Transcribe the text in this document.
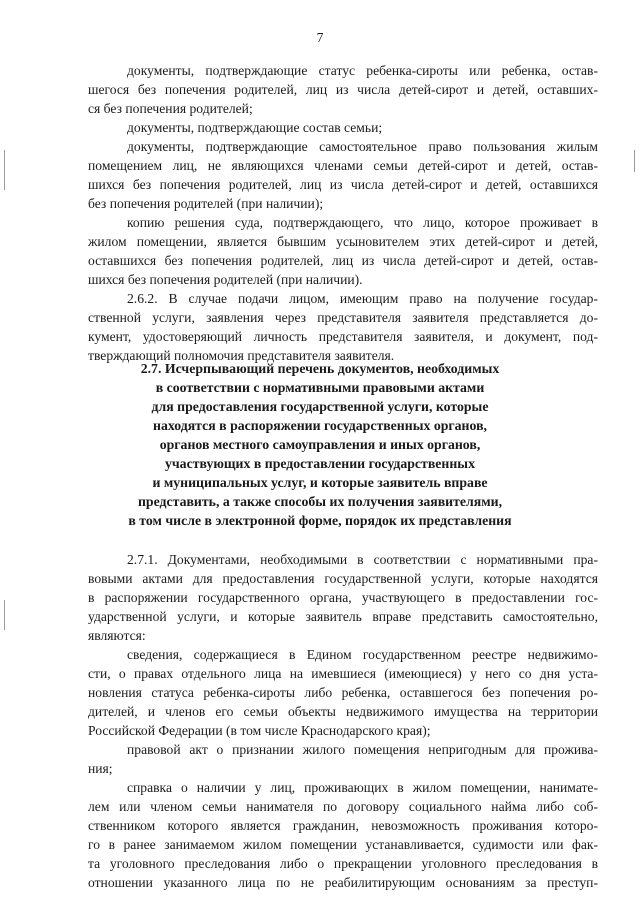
7
документы, подтверждающие статус ребенка-сироты или ребенка, остав-
шегося без попечения родителей, лиц из числа детей-сирот и детей, оставших-
ся без попечения родителей;
документы, подтверждающие состав семьи;
документы, подтверждающие самостоятельное право пользования жилым
помещением лиц, не являющихся членами семьи детей-сирот и детей, остав-
шихся без попечения родителей, лиц из числа детей-сирот и детей, оставшихся
без попечения родителей (при наличии);
копию решения суда, подтверждающего, что лицо, которое проживает в
жилом помещении, является бывшим усыновителем этих детей-сирот и детей,
оставшихся без попечения родителей, лиц из числа детей-сирот и детей, остав-
шихся без попечения родителей (при наличии).
2.6.2. В случае подачи лицом, имеющим право на получение государ-
ственной услуги, заявления через представителя заявителя представляется до-
кумент, удостоверяющий личность представителя заявителя, и документ, под-
тверждающий полномочия представителя заявителя.
2.7. Исчерпывающий перечень документов, необходимых
в соответствии с нормативными правовыми актами
для предоставления государственной услуги, которые
находятся в распоряжении государственных органов,
органов местного самоуправления и иных органов,
участвующих в предоставлении государственных
и муниципальных услуг, и которые заявитель вправе
представить, а также способы их получения заявителями,
в том числе в электронной форме, порядок их представления
2.7.1. Документами, необходимыми в соответствии с нормативными пра-
вовыми актами для предоставления государственной услуги, которые находятся
в распоряжении государственного органа, участвующего в предоставлении гос-
ударственной услуги, и которые заявитель вправе представить самостоятельно,
являются:
сведения, содержащиеся в Едином государственном реестре недвижимо-
сти, о правах отдельного лица на имевшиеся (имеющиеся) у него со дня уста-
новления статуса ребенка-сироты либо ребенка, оставшегося без попечения ро-
дителей, и членов его семьи объекты недвижимого имущества на территории
Российской Федерации (в том числе Краснодарского края);
правовой акт о признании жилого помещения непригодным для прожива-
ния;
справка о наличии у лиц, проживающих в жилом помещении, нанимате-
лем или членом семьи нанимателя по договору социального найма либо соб-
ственником которого является гражданин, невозможность проживания которо-
го в ранее занимаемом жилом помещении устанавливается, судимости или фак-
та уголовного преследования либо о прекращении уголовного преследования в
отношении указанного лица по не реабилитирующим основаниям за преступ-
